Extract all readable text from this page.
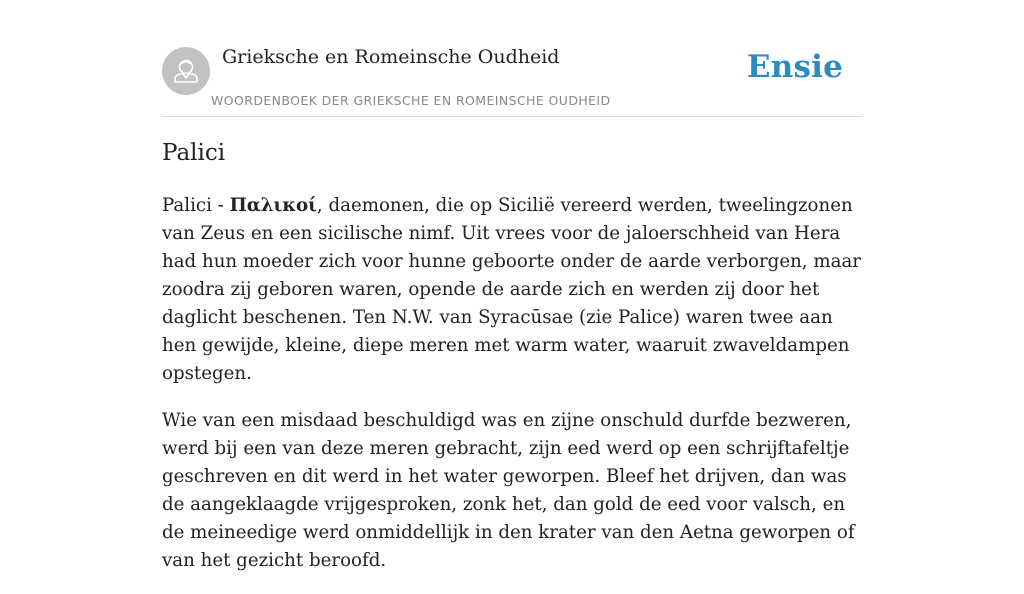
Grieksche en Romeinsche Oudheid
WOORDENBOEK DER GRIEKSCHE EN ROMEINSCHE OUDHEID
Ensie
Palici

Palici - Παλικοί, daemonen, die op Sicilië vereerd werden, tweelingzonen van Zeus en een sicilische nimf. Uit vrees voor de jaloerschheid van Hera had hun moeder zich voor hunne geboorte onder de aarde verborgen, maar zoodra zij geboren waren, opende de aarde zich en werden zij door het daglicht beschenen. Ten N.W. van Syracūsae (zie Palice) waren twee aan hen gewijde, kleine, diepe meren met warm water, waaruit zwaveldampen opstegen.

Wie van een misdaad beschuldigd was en zijne onschuld durfde bezweren, werd bij een van deze meren gebracht, zijn eed werd op een schrijftafeltje geschreven en dit werd in het water geworpen. Bleef het drijven, dan was de aangeklaagde vrijgesproken, zonk het, dan gold de eed voor valsch, en de meineedige werd onmiddellijk in den krater van den Aetna geworpen of van het gezicht beroofd.
